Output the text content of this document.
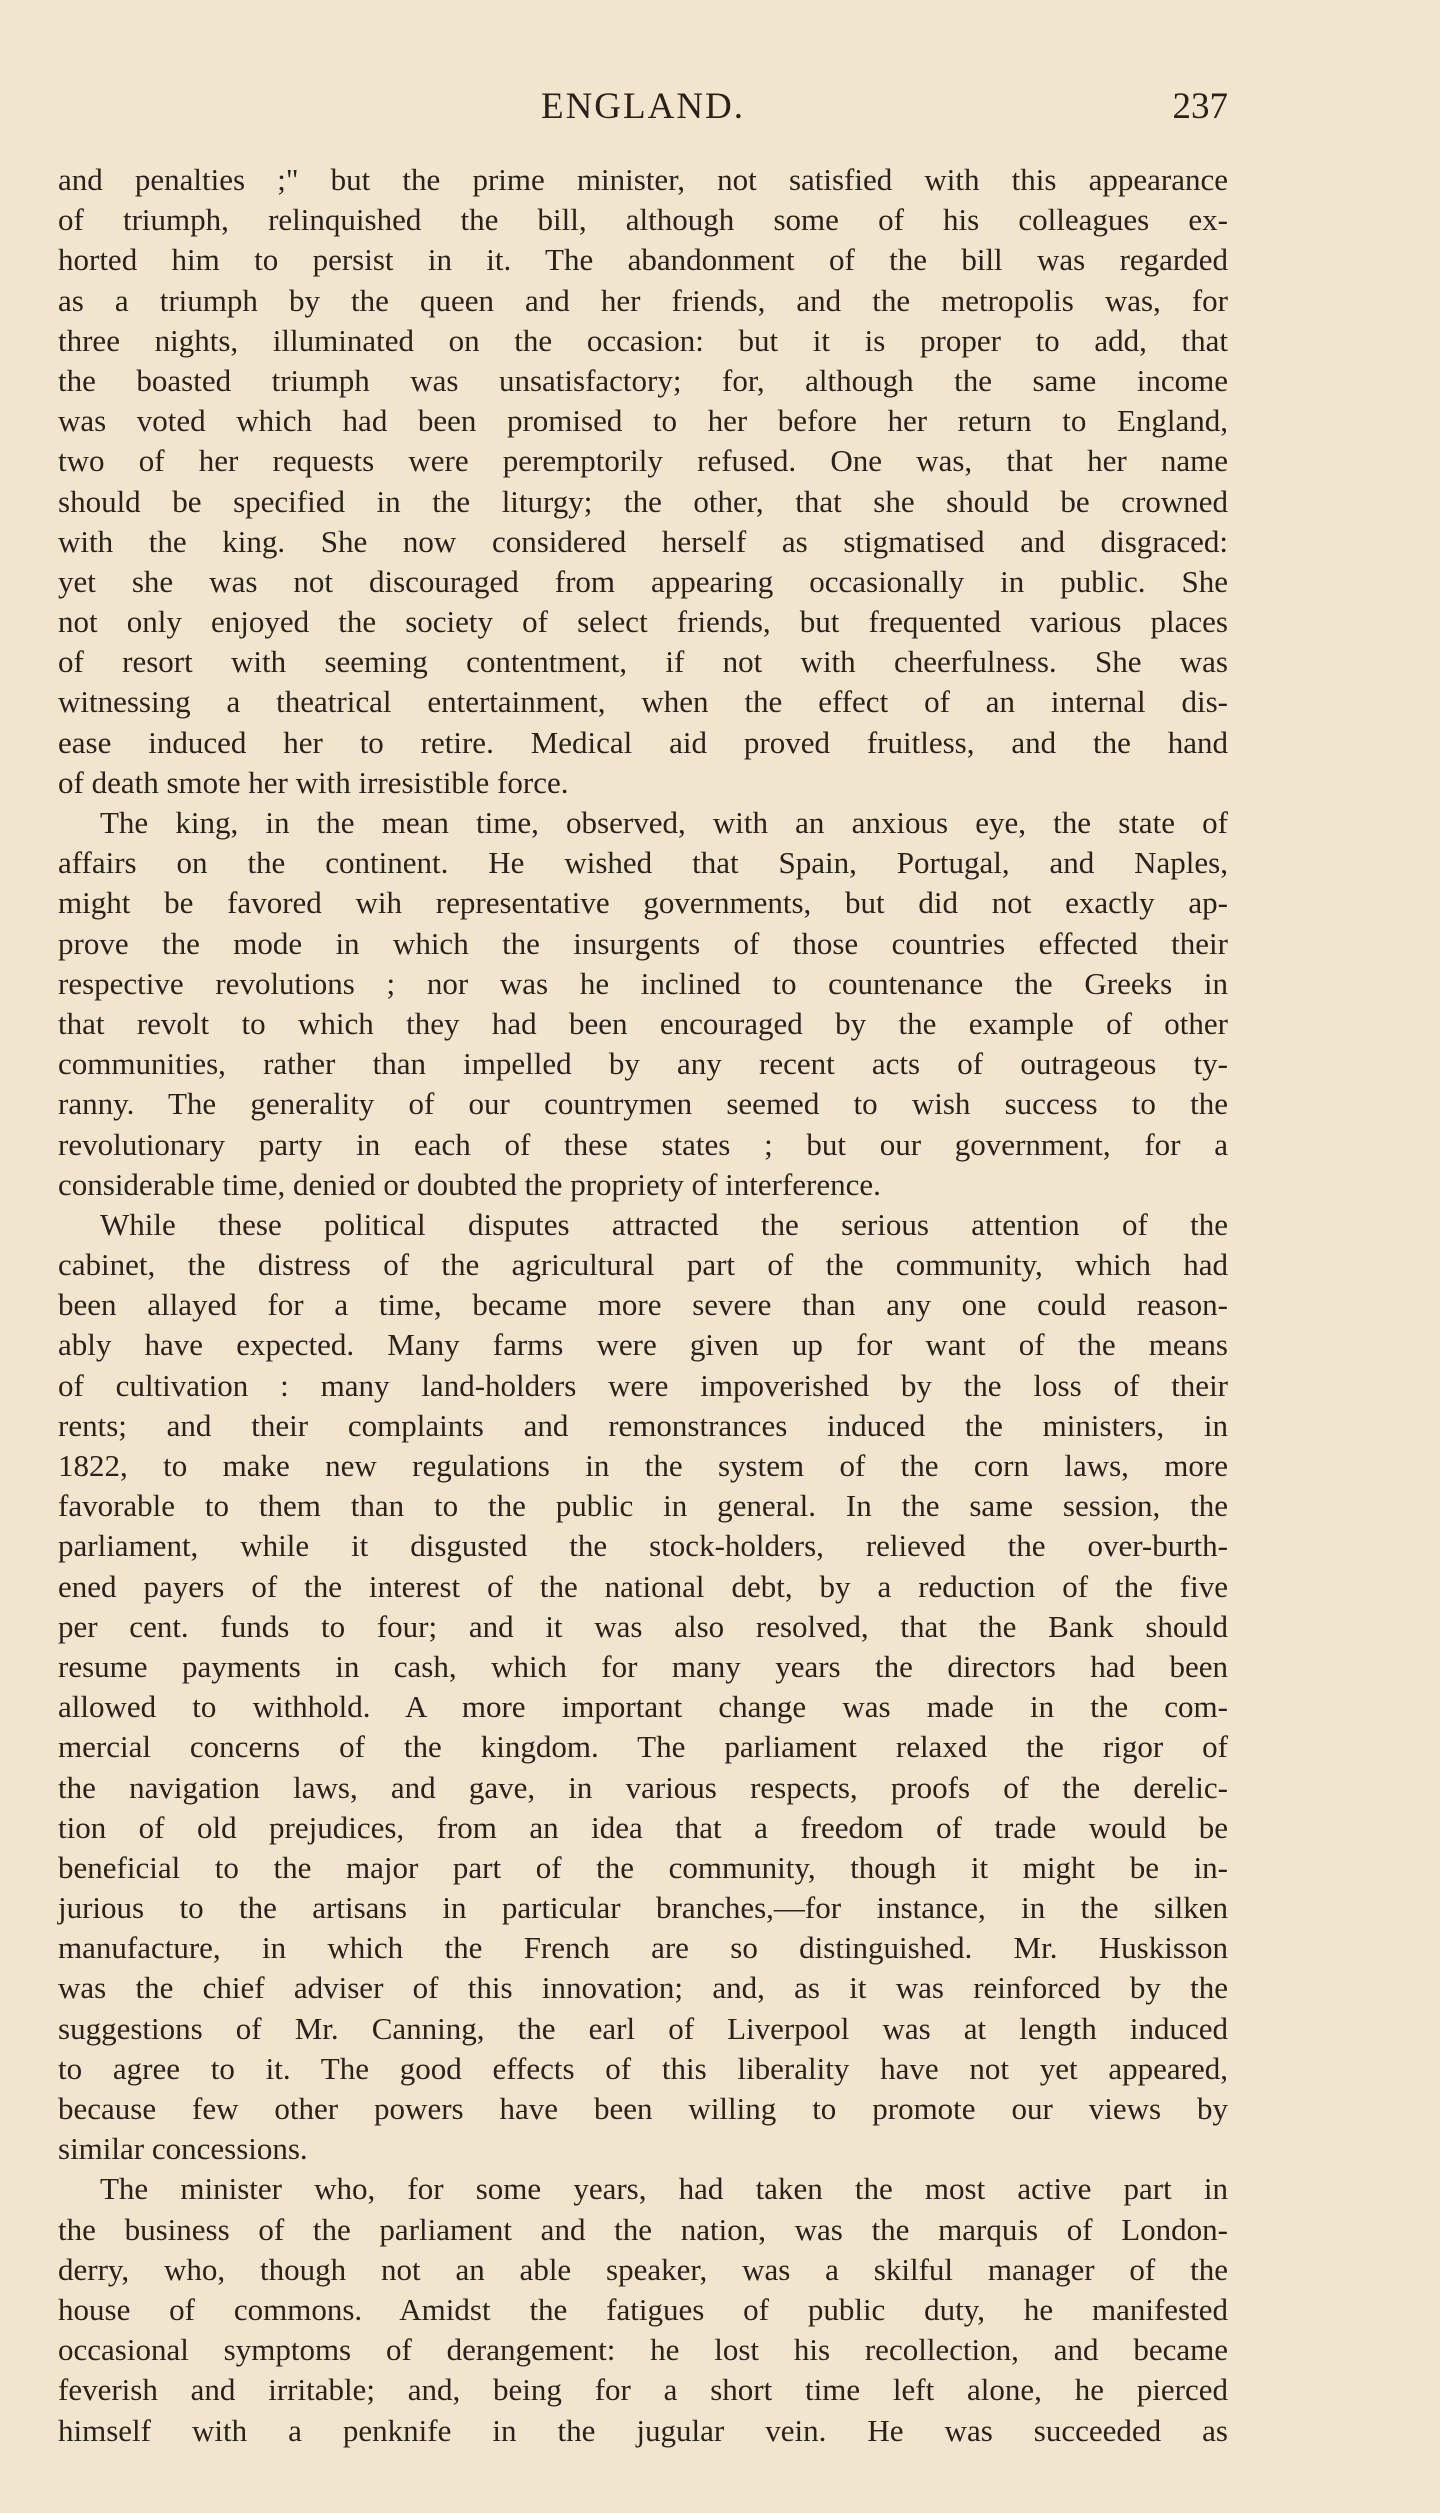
ENGLAND.	237
and penalties ;" but the prime minister, not satisfied with this appearance
of triumph, relinquished the bill, although some of his colleagues ex-
horted him to persist in it. The abandonment of the bill was regarded
as a triumph by the queen and her friends, and the metropolis was, for
three nights, illuminated on the occasion: but it is proper to add, that
the boasted triumph was unsatisfactory; for, although the same income
was voted which had been promised to her before her return to England,
two of her requests were peremptorily refused. One was, that her name
should be specified in the liturgy; the other, that she should be crowned
with the king. She now considered herself as stigmatised and disgraced:
yet she was not discouraged from appearing occasionally in public. She
not only enjoyed the society of select friends, but frequented various places
of resort with seeming contentment, if not with cheerfulness. She was
witnessing a theatrical entertainment, when the effect of an internal dis-
ease induced her to retire. Medical aid proved fruitless, and the hand
of death smote her with irresistible force.
The king, in the mean time, observed, with an anxious eye, the state of
affairs on the continent. He wished that Spain, Portugal, and Naples,
might be favored wih representative governments, but did not exactly ap-
prove the mode in which the insurgents of those countries effected their
respective revolutions ; nor was he inclined to countenance the Greeks in
that revolt to which they had been encouraged by the example of other
communities, rather than impelled by any recent acts of outrageous ty-
ranny. The generality of our countrymen seemed to wish success to the
revolutionary party in each of these states ; but our government, for a
considerable time, denied or doubted the propriety of interference.
While these political disputes attracted the serious attention of the
cabinet, the distress of the agricultural part of the community, which had
been allayed for a time, became more severe than any one could reason-
ably have expected. Many farms were given up for want of the means
of cultivation : many land-holders were impoverished by the loss of their
rents; and their complaints and remonstrances induced the ministers, in
1822, to make new regulations in the system of the corn laws, more
favorable to them than to the public in general. In the same session, the
parliament, while it disgusted the stock-holders, relieved the over-burth-
ened payers of the interest of the national debt, by a reduction of the five
per cent. funds to four; and it was also resolved, that the Bank should
resume payments in cash, which for many years the directors had been
allowed to withhold. A more important change was made in the com-
mercial concerns of the kingdom. The parliament relaxed the rigor of
the navigation laws, and gave, in various respects, proofs of the derelic-
tion of old prejudices, from an idea that a freedom of trade would be
beneficial to the major part of the community, though it might be in-
jurious to the artisans in particular branches,—for instance, in the silken
manufacture, in which the French are so distinguished. Mr. Huskisson
was the chief adviser of this innovation; and, as it was reinforced by the
suggestions of Mr. Canning, the earl of Liverpool was at length induced
to agree to it. The good effects of this liberality have not yet appeared,
because few other powers have been willing to promote our views by
similar concessions.
The minister who, for some years, had taken the most active part in
the business of the parliament and the nation, was the marquis of London-
derry, who, though not an able speaker, was a skilful manager of the
house of commons. Amidst the fatigues of public duty, he manifested
occasional symptoms of derangement: he lost his recollection, and became
feverish and irritable; and, being for a short time left alone, he pierced
himself with a penknife in the jugular vein. He was succeeded as
